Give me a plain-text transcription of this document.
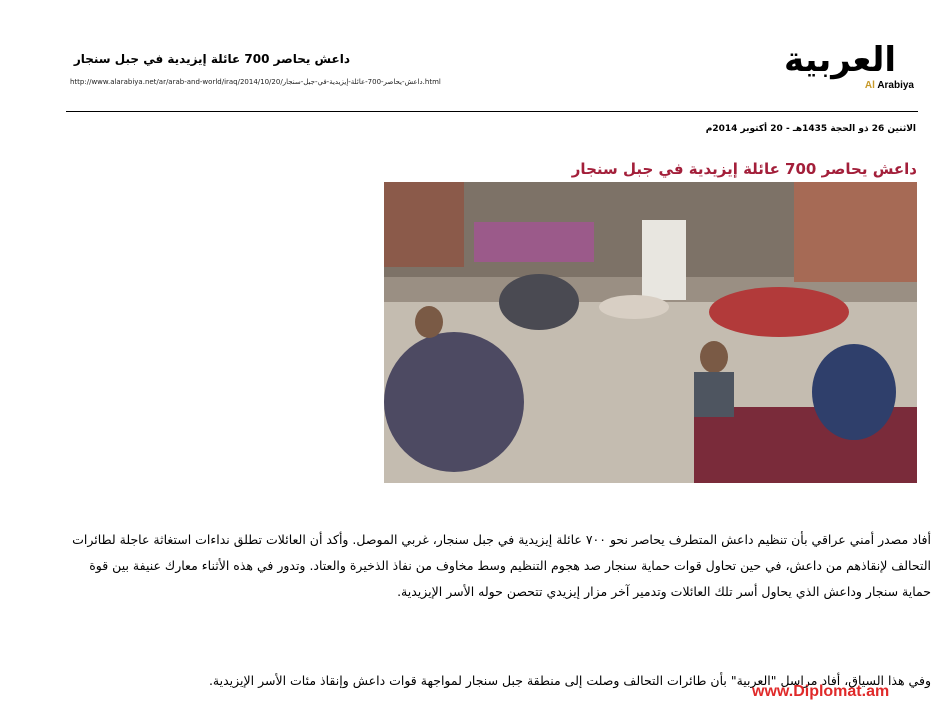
داعش يحاصر 700 عائلة إيزيدية في جبل سنجار
http://www.alarabiya.net/ar/arab-and-world/iraq/2014/10/20/داعش-يحاصر-700-عائلة-إيزيدية-في-جبل-سنجار.html
العربية
Al Arabiya
الاثنين 26 ذو الحجة 1435هـ - 20 أكتوبر 2014م
داعش يحاصر 700 عائلة إيزيدية في جبل سنجار
أفاد مصدر أمني عراقي بأن تنظيم داعش المتطرف يحاصر نحو ٧٠٠ عائلة إيزيدية في جبل سنجار، غربي الموصل. وأكد أن العائلات تطلق نداءات استغاثة عاجلة لطائرات التحالف لإنقاذهم من داعش، في حين تحاول قوات حماية سنجار صد هجوم التنظيم وسط مخاوف من نفاذ الذخيرة والعتاد. وتدور في هذه الأثناء معارك عنيفة بين قوة حماية سنجار وداعش الذي يحاول أسر تلك العائلات وتدمير آخر مزار إيزيدي تتحصن حوله الأسر الإيزيدية.
وفي هذا السياق، أفاد مراسل "العربية" بأن طائرات التحالف وصلت إلى منطقة جبل سنجار لمواجهة قوات داعش وإنقاذ مئات الأسر الإيزيدية.
www.Diplomat.am
